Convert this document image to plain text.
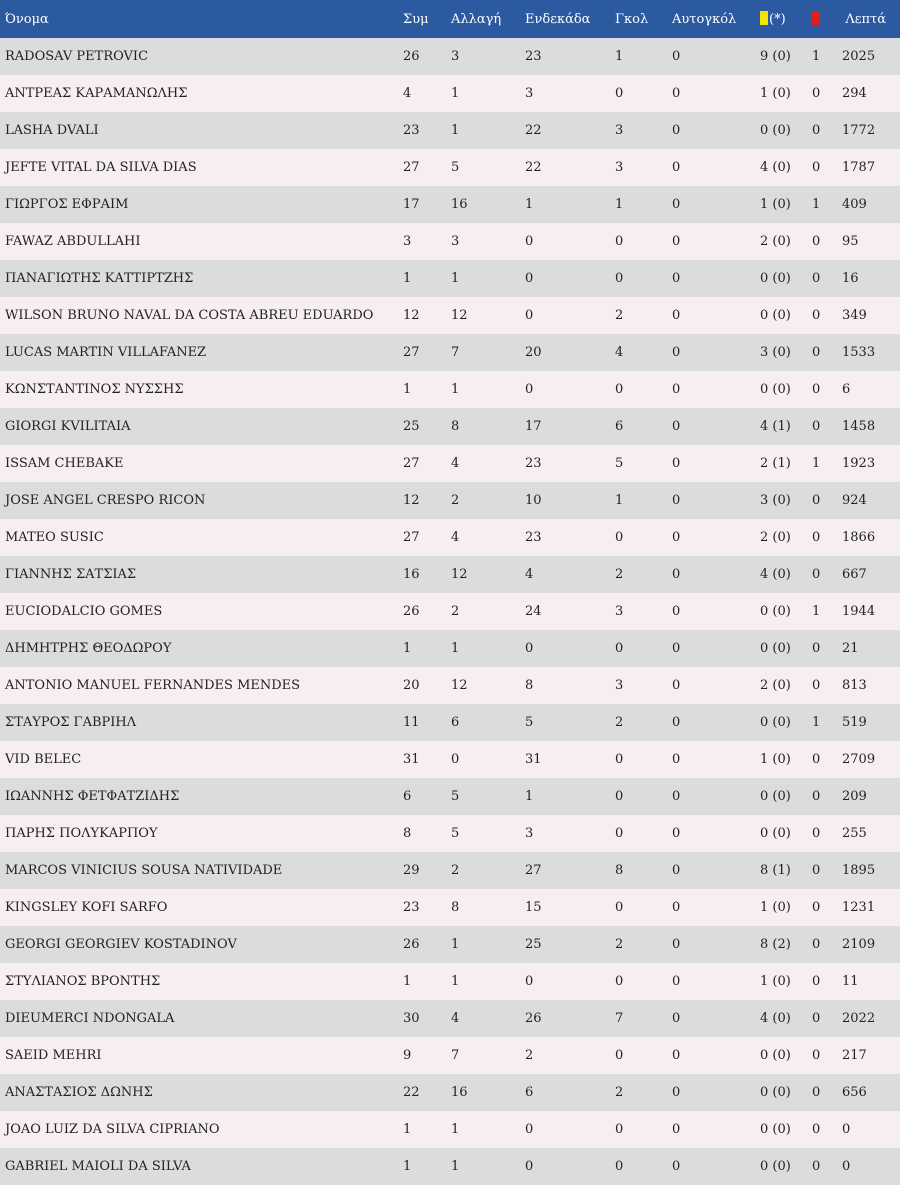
Όνομα	Συμ	Αλλαγή	Ενδεκάδα	Γκολ	Αυτογκόλ	(*)		Λεπτά
RADOSAV PETROVIC	26	3	23	1	0	9 (0)	1	2025
ΑΝΤΡΕΑΣ ΚΑΡΑΜΑΝΩΛΗΣ	4	1	3	0	0	1 (0)	0	294
LASHA DVALI	23	1	22	3	0	0 (0)	0	1772
JEFTE VITAL DA SILVA DIAS	27	5	22	3	0	4 (0)	0	1787
ΓΙΩΡΓΟΣ ΕΦΡΑΙΜ	17	16	1	1	0	1 (0)	1	409
FAWAZ ABDULLAHI	3	3	0	0	0	2 (0)	0	95
ΠΑΝΑΓΙΩΤΗΣ ΚΑΤΤΙΡΤΖΗΣ	1	1	0	0	0	0 (0)	0	16
WILSON BRUNO NAVAL DA COSTA ABREU EDUARDO	12	12	0	2	0	0 (0)	0	349
LUCAS MARTIN VILLAFANEZ	27	7	20	4	0	3 (0)	0	1533
ΚΩΝΣΤΑΝΤΙΝΟΣ ΝΥΣΣΗΣ	1	1	0	0	0	0 (0)	0	6
GIORGI KVILITAIA	25	8	17	6	0	4 (1)	0	1458
ISSAM CHEBAKE	27	4	23	5	0	2 (1)	1	1923
JOSE ANGEL CRESPO RICON	12	2	10	1	0	3 (0)	0	924
MATEO SUSIC	27	4	23	0	0	2 (0)	0	1866
ΓΙΑΝΝΗΣ ΣΑΤΣΙΑΣ	16	12	4	2	0	4 (0)	0	667
EUCIODALCIO GOMES	26	2	24	3	0	0 (0)	1	1944
ΔΗΜΗΤΡΗΣ ΘΕΟΔΩΡΟΥ	1	1	0	0	0	0 (0)	0	21
ANTONIO MANUEL FERNANDES MENDES	20	12	8	3	0	2 (0)	0	813
ΣΤΑΥΡΟΣ ΓΑΒΡΙΗΛ	11	6	5	2	0	0 (0)	1	519
VID BELEC	31	0	31	0	0	1 (0)	0	2709
ΙΩΑΝΝΗΣ ΦΕΤΦΑΤΖΙΔΗΣ	6	5	1	0	0	0 (0)	0	209
ΠΑΡΗΣ ΠΟΛΥΚΑΡΠΟΥ	8	5	3	0	0	0 (0)	0	255
MARCOS VINICIUS SOUSA NATIVIDADE	29	2	27	8	0	8 (1)	0	1895
KINGSLEY KOFI SARFO	23	8	15	0	0	1 (0)	0	1231
GEORGI GEORGIEV KOSTADINOV	26	1	25	2	0	8 (2)	0	2109
ΣΤΥΛΙΑΝΟΣ ΒΡΟΝΤΗΣ	1	1	0	0	0	1 (0)	0	11
DIEUMERCI NDONGALA	30	4	26	7	0	4 (0)	0	2022
SAEID MEHRI	9	7	2	0	0	0 (0)	0	217
ΑΝΑΣΤΑΣΙΟΣ ΔΩΝΗΣ	22	16	6	2	0	0 (0)	0	656
JOAO LUIZ DA SILVA CIPRIANO	1	1	0	0	0	0 (0)	0	0
GABRIEL MAIOLI DA SILVA	1	1	0	0	0	0 (0)	0	0
